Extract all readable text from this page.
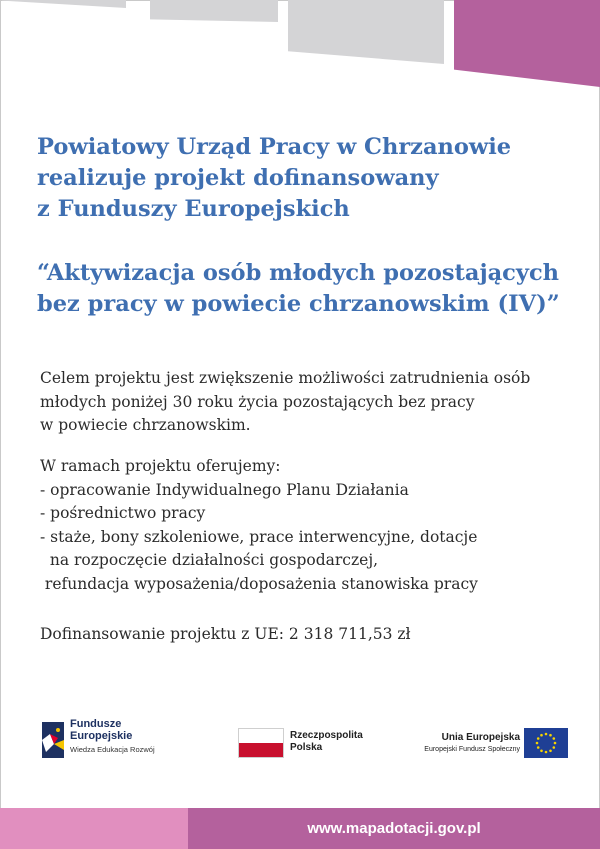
Powiatowy Urząd Pracy w Chrzanowie
realizuje projekt dofinansowany
z Funduszy Europejskich
“Aktywizacja osób młodych pozostających
bez pracy w powiecie chrzanowskim (IV)”
Celem projektu jest zwiększenie możliwości zatrudnienia osób
młodych poniżej 30 roku życia pozostających bez pracy
w powiecie chrzanowskim.
W ramach projektu oferujemy:
- opracowanie Indywidualnego Planu Działania
- pośrednictwo pracy
- staże, bony szkoleniowe, prace interwencyjne, dotacje
na rozpoczęcie działalności gospodarczej,
refundacja wyposażenia/doposażenia stanowiska pracy
Dofinansowanie projektu z UE: 2 318 711,53 zł
Fundusze
Europejskie
Wiedza Edukacja Rozwój
Rzeczpospolita
Polska
Unia Europejska
Europejski Fundusz Społeczny
www.mapadotacji.gov.pl
